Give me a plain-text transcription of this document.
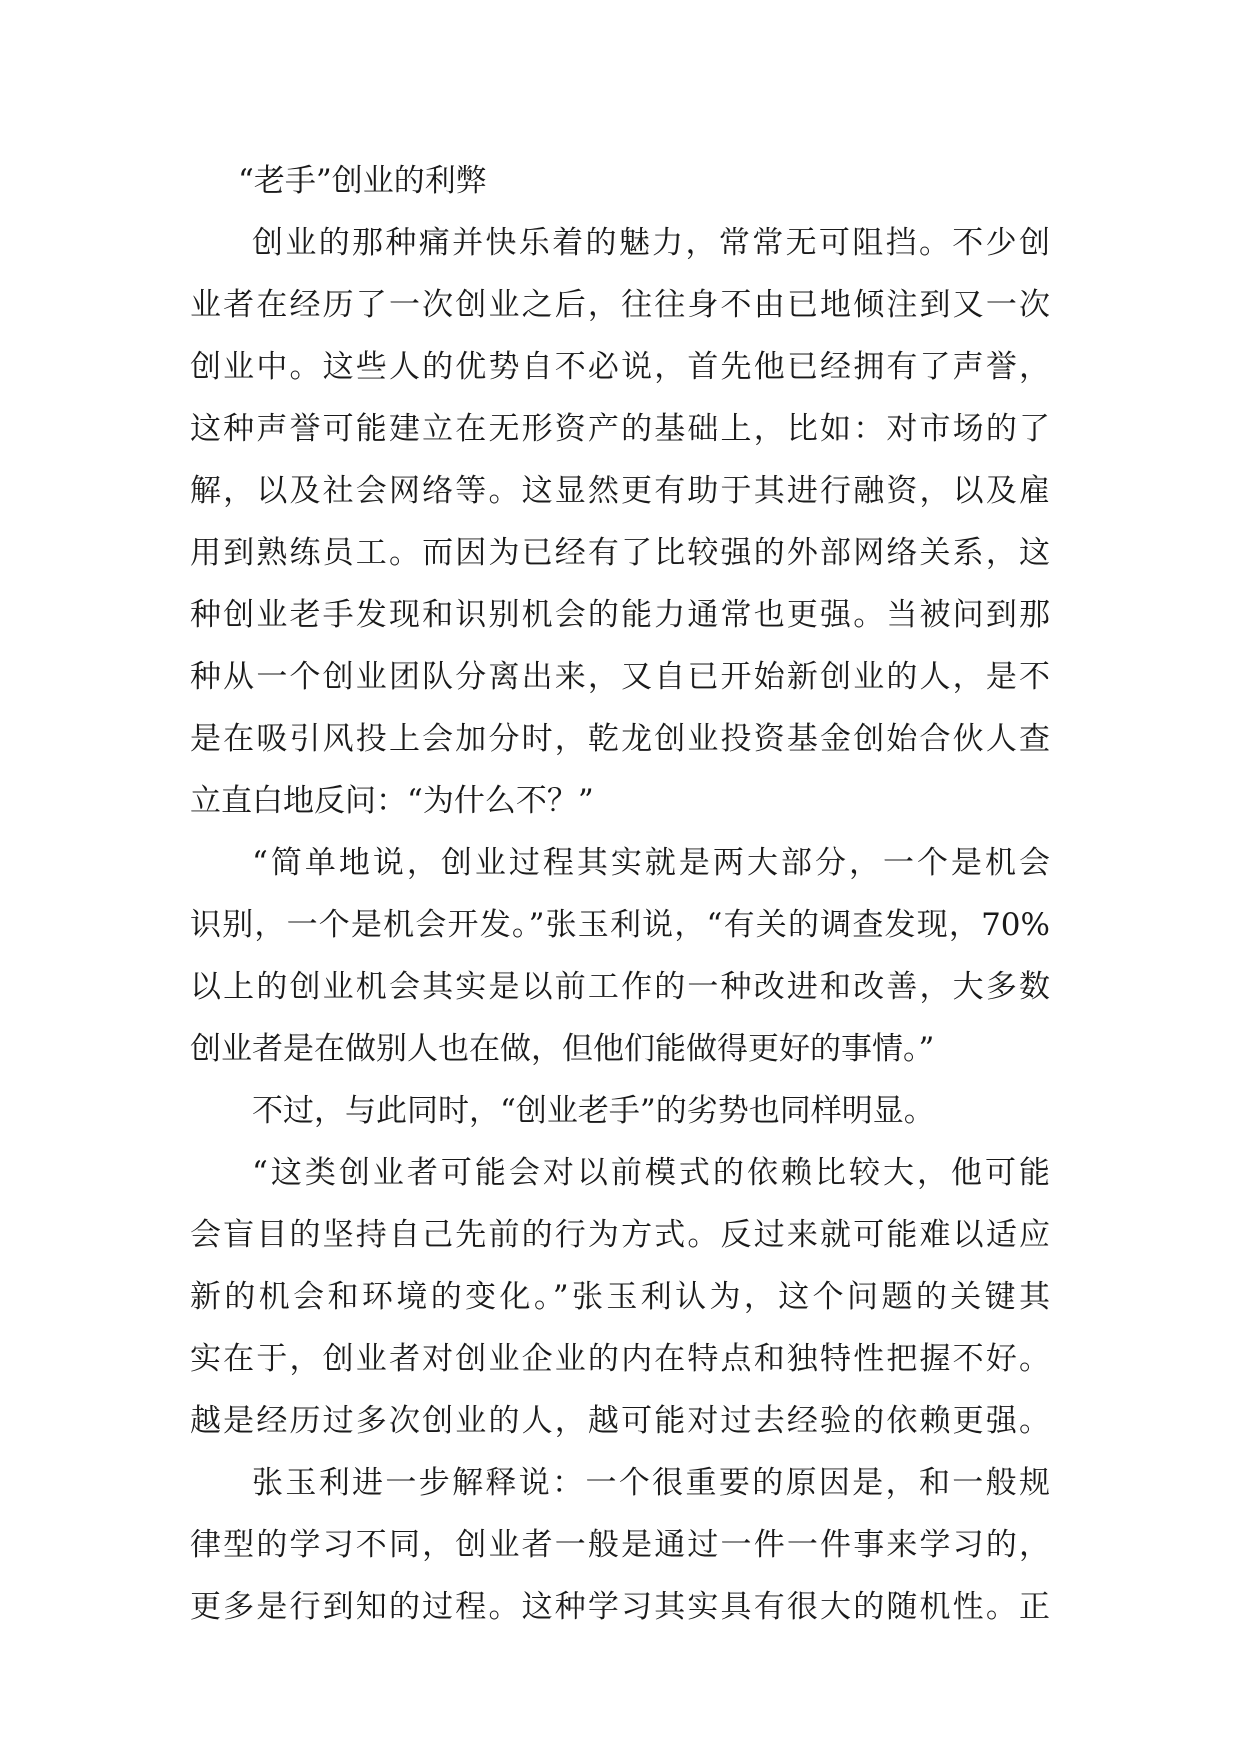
“老手”创业的利弊
创业的那种痛并快乐着的魅力，常常无可阻挡。不少创
业者在经历了一次创业之后，往往身不由已地倾注到又一次
创业中。这些人的优势自不必说，首先他已经拥有了声誉，
这种声誉可能建立在无形资产的基础上，比如：对市场的了
解，以及社会网络等。这显然更有助于其进行融资，以及雇
用到熟练员工。而因为已经有了比较强的外部网络关系，这
种创业老手发现和识别机会的能力通常也更强。当被问到那
种从一个创业团队分离出来，又自已开始新创业的人，是不
是在吸引风投上会加分时，乾龙创业投资基金创始合伙人查
立直白地反问：“为什么不？”
“简单地说，创业过程其实就是两大部分，一个是机会
识别，一个是机会开发。”张玉利说，“有关的调查发现，70%
以上的创业机会其实是以前工作的一种改进和改善，大多数
创业者是在做别人也在做，但他们能做得更好的事情。”
不过，与此同时，“创业老手”的劣势也同样明显。
“这类创业者可能会对以前模式的依赖比较大，他可能
会盲目的坚持自己先前的行为方式。反过来就可能难以适应
新的机会和环境的变化。”张玉利认为，这个问题的关键其
实在于，创业者对创业企业的内在特点和独特性把握不好。
越是经历过多次创业的人，越可能对过去经验的依赖更强。
张玉利进一步解释说：一个很重要的原因是，和一般规
律型的学习不同，创业者一般是通过一件一件事来学习的，
更多是行到知的过程。这种学习其实具有很大的随机性。正
